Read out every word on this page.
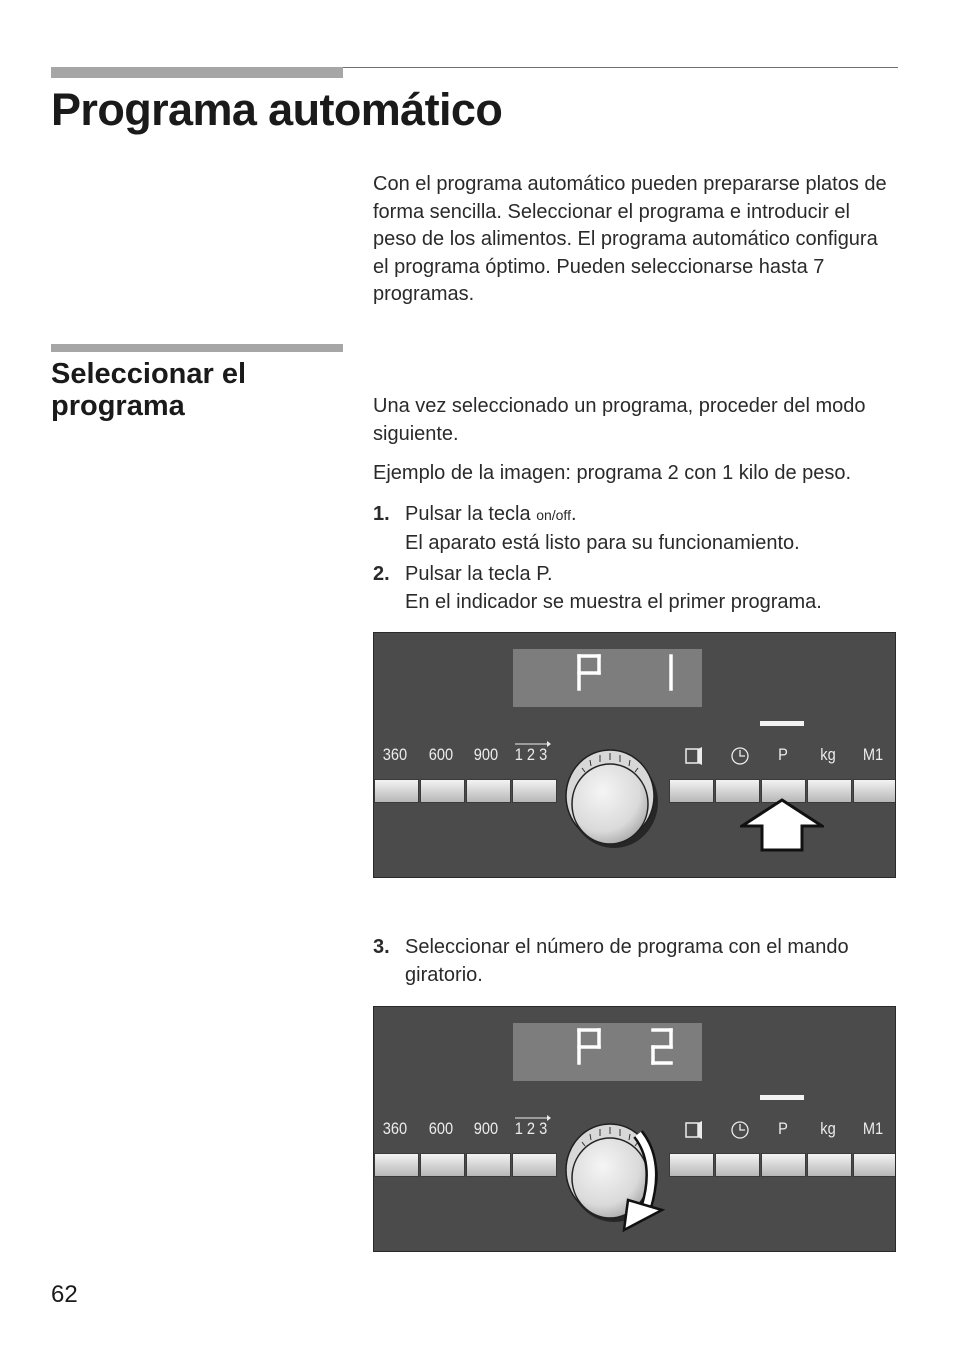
Programa automático

Con el programa automático pueden prepararse platos de forma sencilla. Seleccionar el programa e introducir el peso de los alimentos. El programa automático configura el programa óptimo. Pueden seleccionarse hasta 7 programas.

Seleccionar el programa	Una vez seleccionado un programa, proceder del modo siguiente.

Ejemplo de la imagen: programa 2 con 1 kilo de peso.

1. Pulsar la tecla on/off.
El aparato está listo para su funcionamiento.
2. Pulsar la tecla P.
En el indicador se muestra el primer programa.
360	600	900 1 2 3	P	kg	M1
3. Seleccionar el número de programa con el mando giratorio.
360	600	900 1 2 3	P	kg	M1
62
